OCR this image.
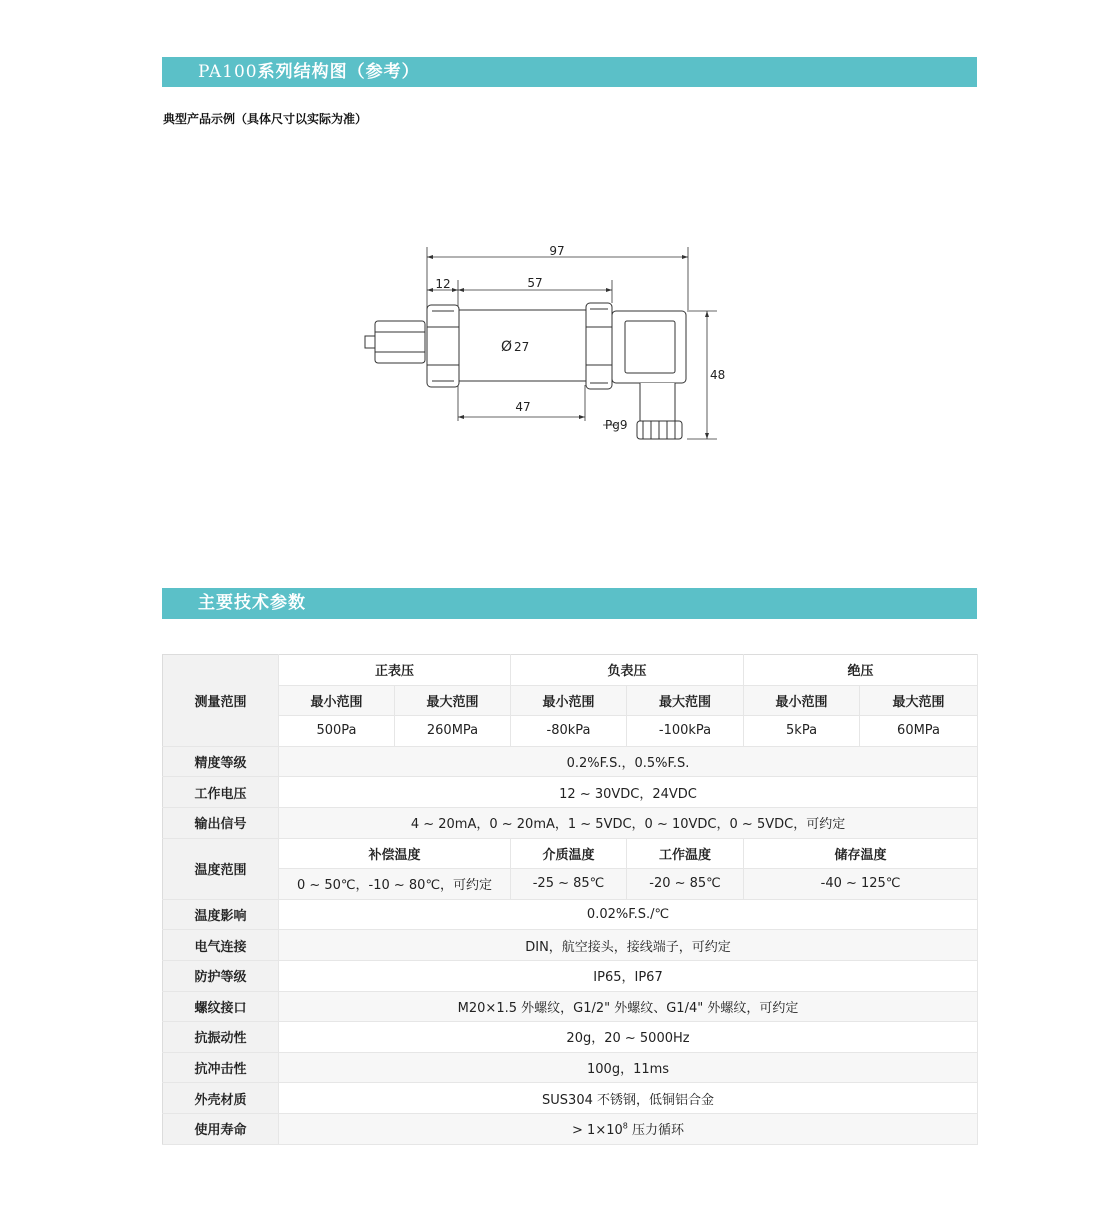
PA100系列结构图（参考）
典型产品示例（具体尺寸以实际为准）
97
12	57
Ø 27
47
48
Pg9
主要技术参数
测量范围	正表压		负表压		绝压	
	最小范围	最大范围	最小范围	最大范围	最小范围	最大范围
	500Pa	260MPa	-80kPa	-100kPa	5kPa	60MPa
精度等级	0.2%F.S.，0.5%F.S.					
工作电压	12 ~ 30VDC，24VDC					
输出信号	4 ~ 20mA，0 ~ 20mA，1 ~ 5VDC，0 ~ 10VDC，0 ~ 5VDC，可约定					
温度范围	补偿温度		介质温度	工作温度	储存温度	
	0 ~ 50℃，-10 ~ 80℃，可约定		-25 ~ 85℃	-20 ~ 85℃	-40 ~ 125℃	
温度影响	0.02%F.S./℃					
电气连接	DIN，航空接头，接线端子，可约定					
防护等级	IP65，IP67					
螺纹接口	M20×1.5 外螺纹，G1/2" 外螺纹、G1/4" 外螺纹，可约定					
抗振动性	20g，20 ~ 5000Hz					
抗冲击性	100g，11ms					
外壳材质	SUS304 不锈钢，低铜铝合金					
使用寿命	> $1\times 10^8$ 压力循环					
